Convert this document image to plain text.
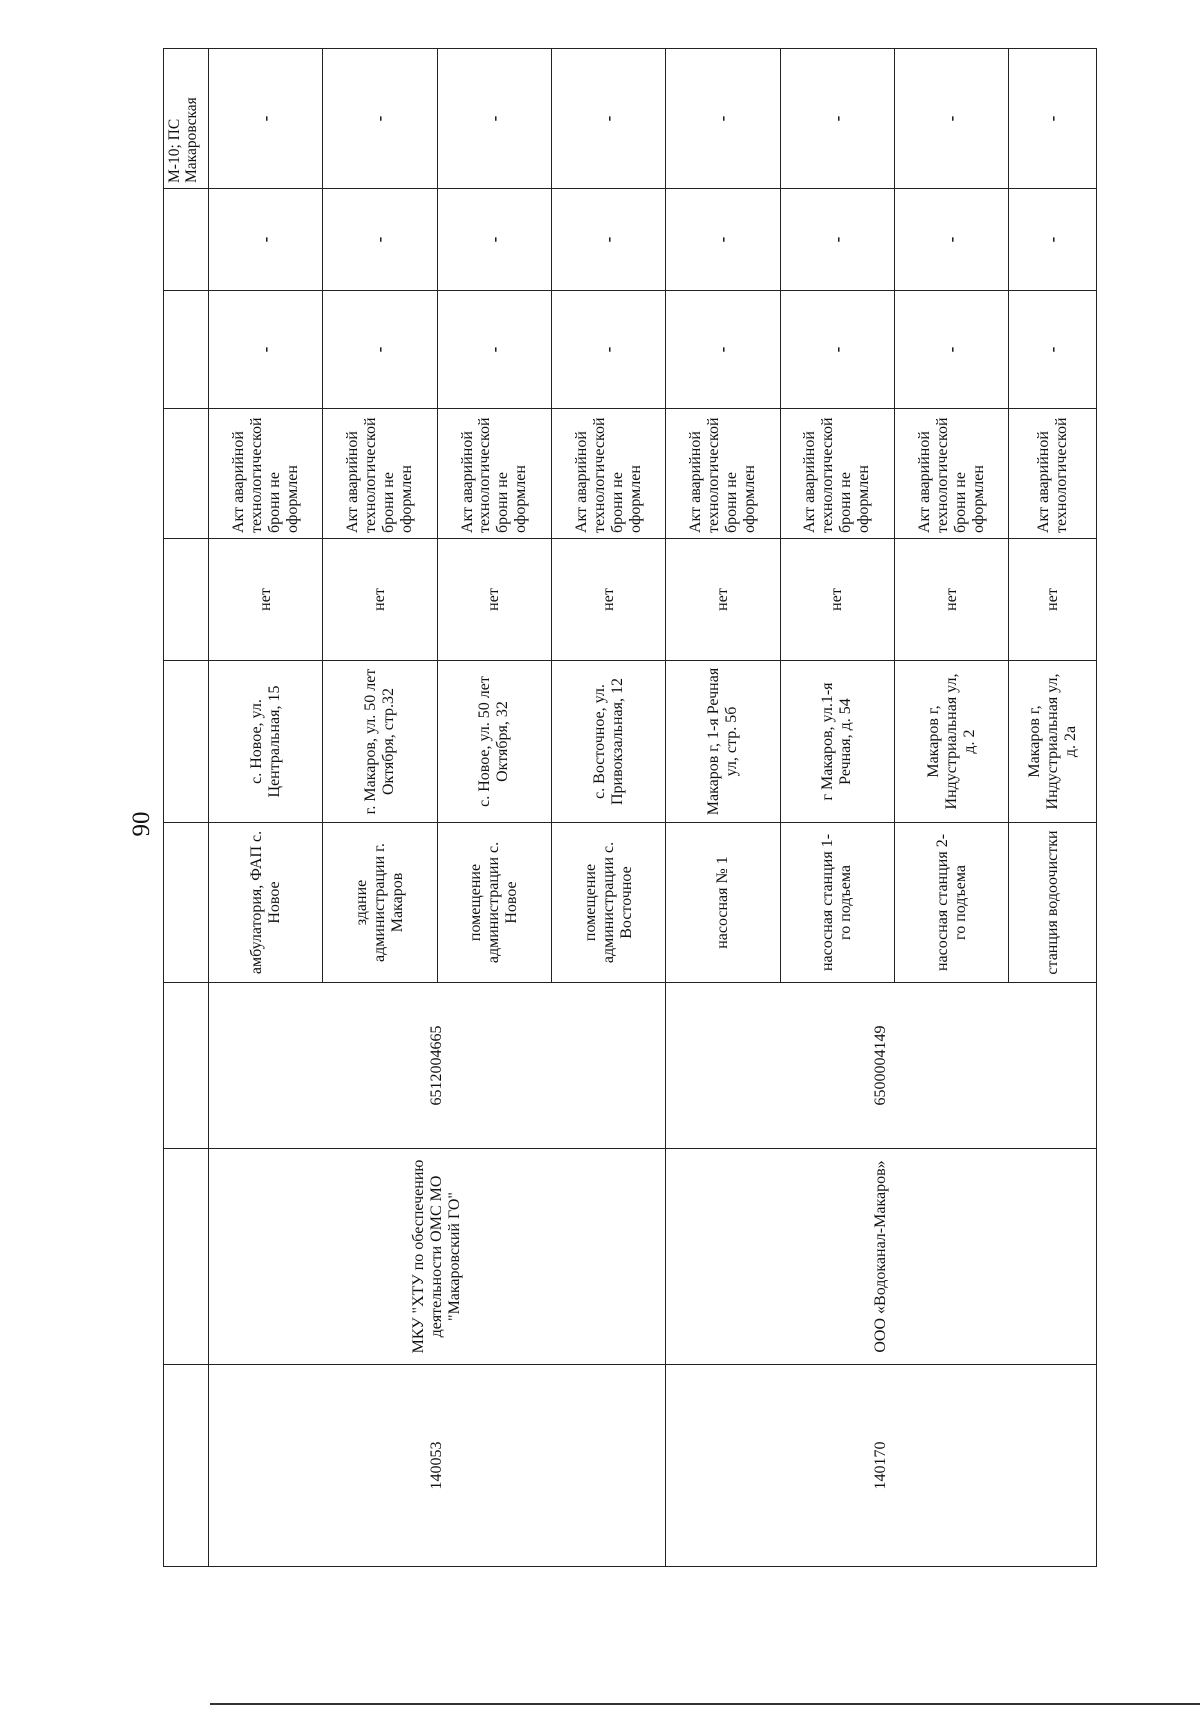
90
									М-10; ПС Макаровская	
140053	МКУ "ХТУ по обеспечению деятельности ОМС МО "Макаровский ГО"	6512004665	амбулатория, ФАП с. Новое	с. Новое, ул. Центральная, 15	нет	Акт аварийной технологической брони не оформлен	-	-	-	
			здание администрации г. Макаров	г. Макаров, ул. 50 лет Октября, стр.32	нет	Акт аварийной технологической брони не оформлен	-	-	-	
			помещение администрации с. Новое	с. Новое, ул. 50 лет Октября, 32	нет	Акт аварийной технологической брони не оформлен	-	-	-	
			помещение администрации с. Восточное	с. Восточное, ул. Привокзальная, 12	нет	Акт аварийной технологической брони не оформлен	-	-	-	
140170	ООО «Водоканал-Макаров»	6500004149	насосная № 1	Макаров г, 1-я Речная ул, стр. 5б	нет	Акт аварийной технологической брони не оформлен	-	-	-	
			насосная станция 1-го подъема	г Макаров, ул.1-я Речная, д. 54	нет	Акт аварийной технологической брони не оформлен	-	-	-	
			насосная станция 2-го подъема	Макаров г, Индустриальная ул, д. 2	нет	Акт аварийной технологической брони не оформлен	-	-	-	
			станция водоочистки	Макаров г, Индустриальная ул, д. 2а	нет	Акт аварийной технологической	-	-	-	
